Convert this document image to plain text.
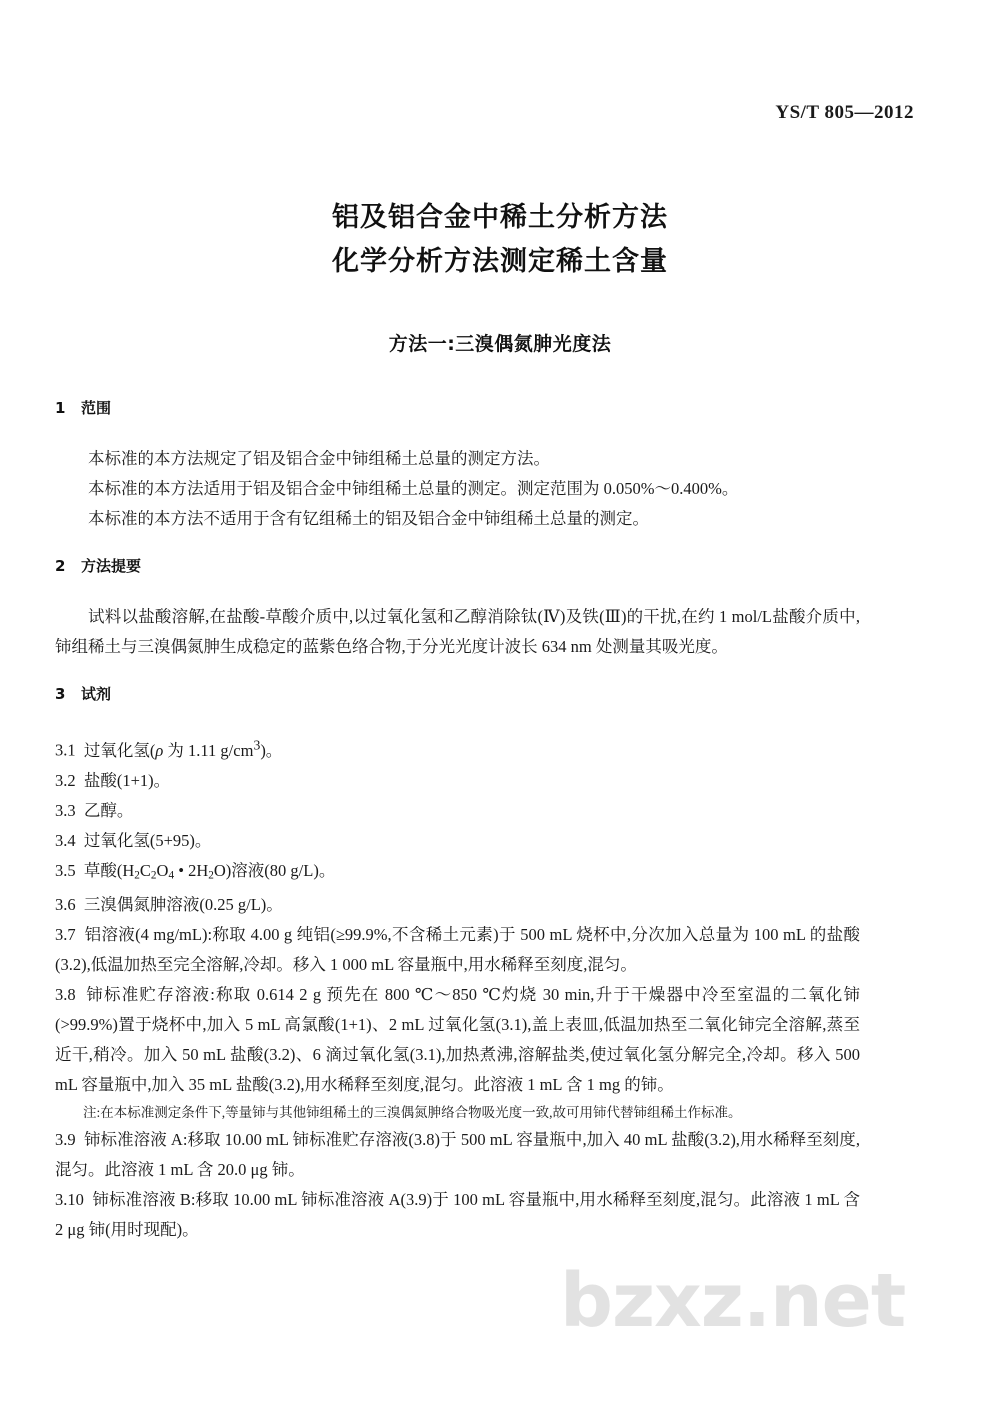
bzxz.net
YS/T 805—2012
铝及铝合金中稀土分析方法
化学分析方法测定稀土含量
方法一:三溴偶氮胂光度法
1 范围

本标准的本方法规定了铝及铝合金中铈组稀土总量的测定方法。

本标准的本方法适用于铝及铝合金中铈组稀土总量的测定。测定范围为 0.050%～0.400%。

本标准的本方法不适用于含有钇组稀土的铝及铝合金中铈组稀土总量的测定。

2 方法提要

试料以盐酸溶解,在盐酸-草酸介质中,以过氧化氢和乙醇消除钛(Ⅳ)及铁(Ⅲ)的干扰,在约 1 mol/L盐酸介质中,铈组稀土与三溴偶氮胂生成稳定的蓝紫色络合物,于分光光度计波长 634 nm 处测量其吸光度。

3 试剂

3.1 过氧化氢(ρ 为 1.11 $g/cm^3$)。

3.2 盐酸(1+1)。

3.3 乙醇。

3.4 过氧化氢(5+95)。

3.5 草酸($H_2C_2O_4$ • $2H_2O$)溶液(80 g/L)。

3.6 三溴偶氮胂溶液(0.25 g/L)。

3.7 铝溶液(4 mg/mL):称取 4.00 g 纯铝(≥99.9%,不含稀土元素)于 500 mL 烧杯中,分次加入总量为 100 mL 的盐酸(3.2),低温加热至完全溶解,冷却。移入 1 000 mL 容量瓶中,用水稀释至刻度,混匀。

3.8 铈标准贮存溶液:称取 0.614 2 g 预先在 800 ℃～850 ℃灼烧 30 min,升于干燥器中冷至室温的二氧化铈(>99.9%)置于烧杯中,加入 5 mL 高氯酸(1+1)、2 mL 过氧化氢(3.1),盖上表皿,低温加热至二氧化铈完全溶解,蒸至近干,稍冷。加入 50 mL 盐酸(3.2)、6 滴过氧化氢(3.1),加热煮沸,溶解盐类,使过氧化氢分解完全,冷却。移入 500 mL 容量瓶中,加入 35 mL 盐酸(3.2),用水稀释至刻度,混匀。此溶液 1 mL 含 1 mg 的铈。

注:在本标准测定条件下,等量铈与其他铈组稀土的三溴偶氮胂络合物吸光度一致,故可用铈代替铈组稀土作标准。

3.9 铈标准溶液 A:移取 10.00 mL 铈标准贮存溶液(3.8)于 500 mL 容量瓶中,加入 40 mL 盐酸(3.2),用水稀释至刻度,混匀。此溶液 1 mL 含 20.0 μg 铈。

3.10 铈标准溶液 B:移取 10.00 mL 铈标准溶液 A(3.9)于 100 mL 容量瓶中,用水稀释至刻度,混匀。此溶液 1 mL 含 2 μg 铈(用时现配)。
